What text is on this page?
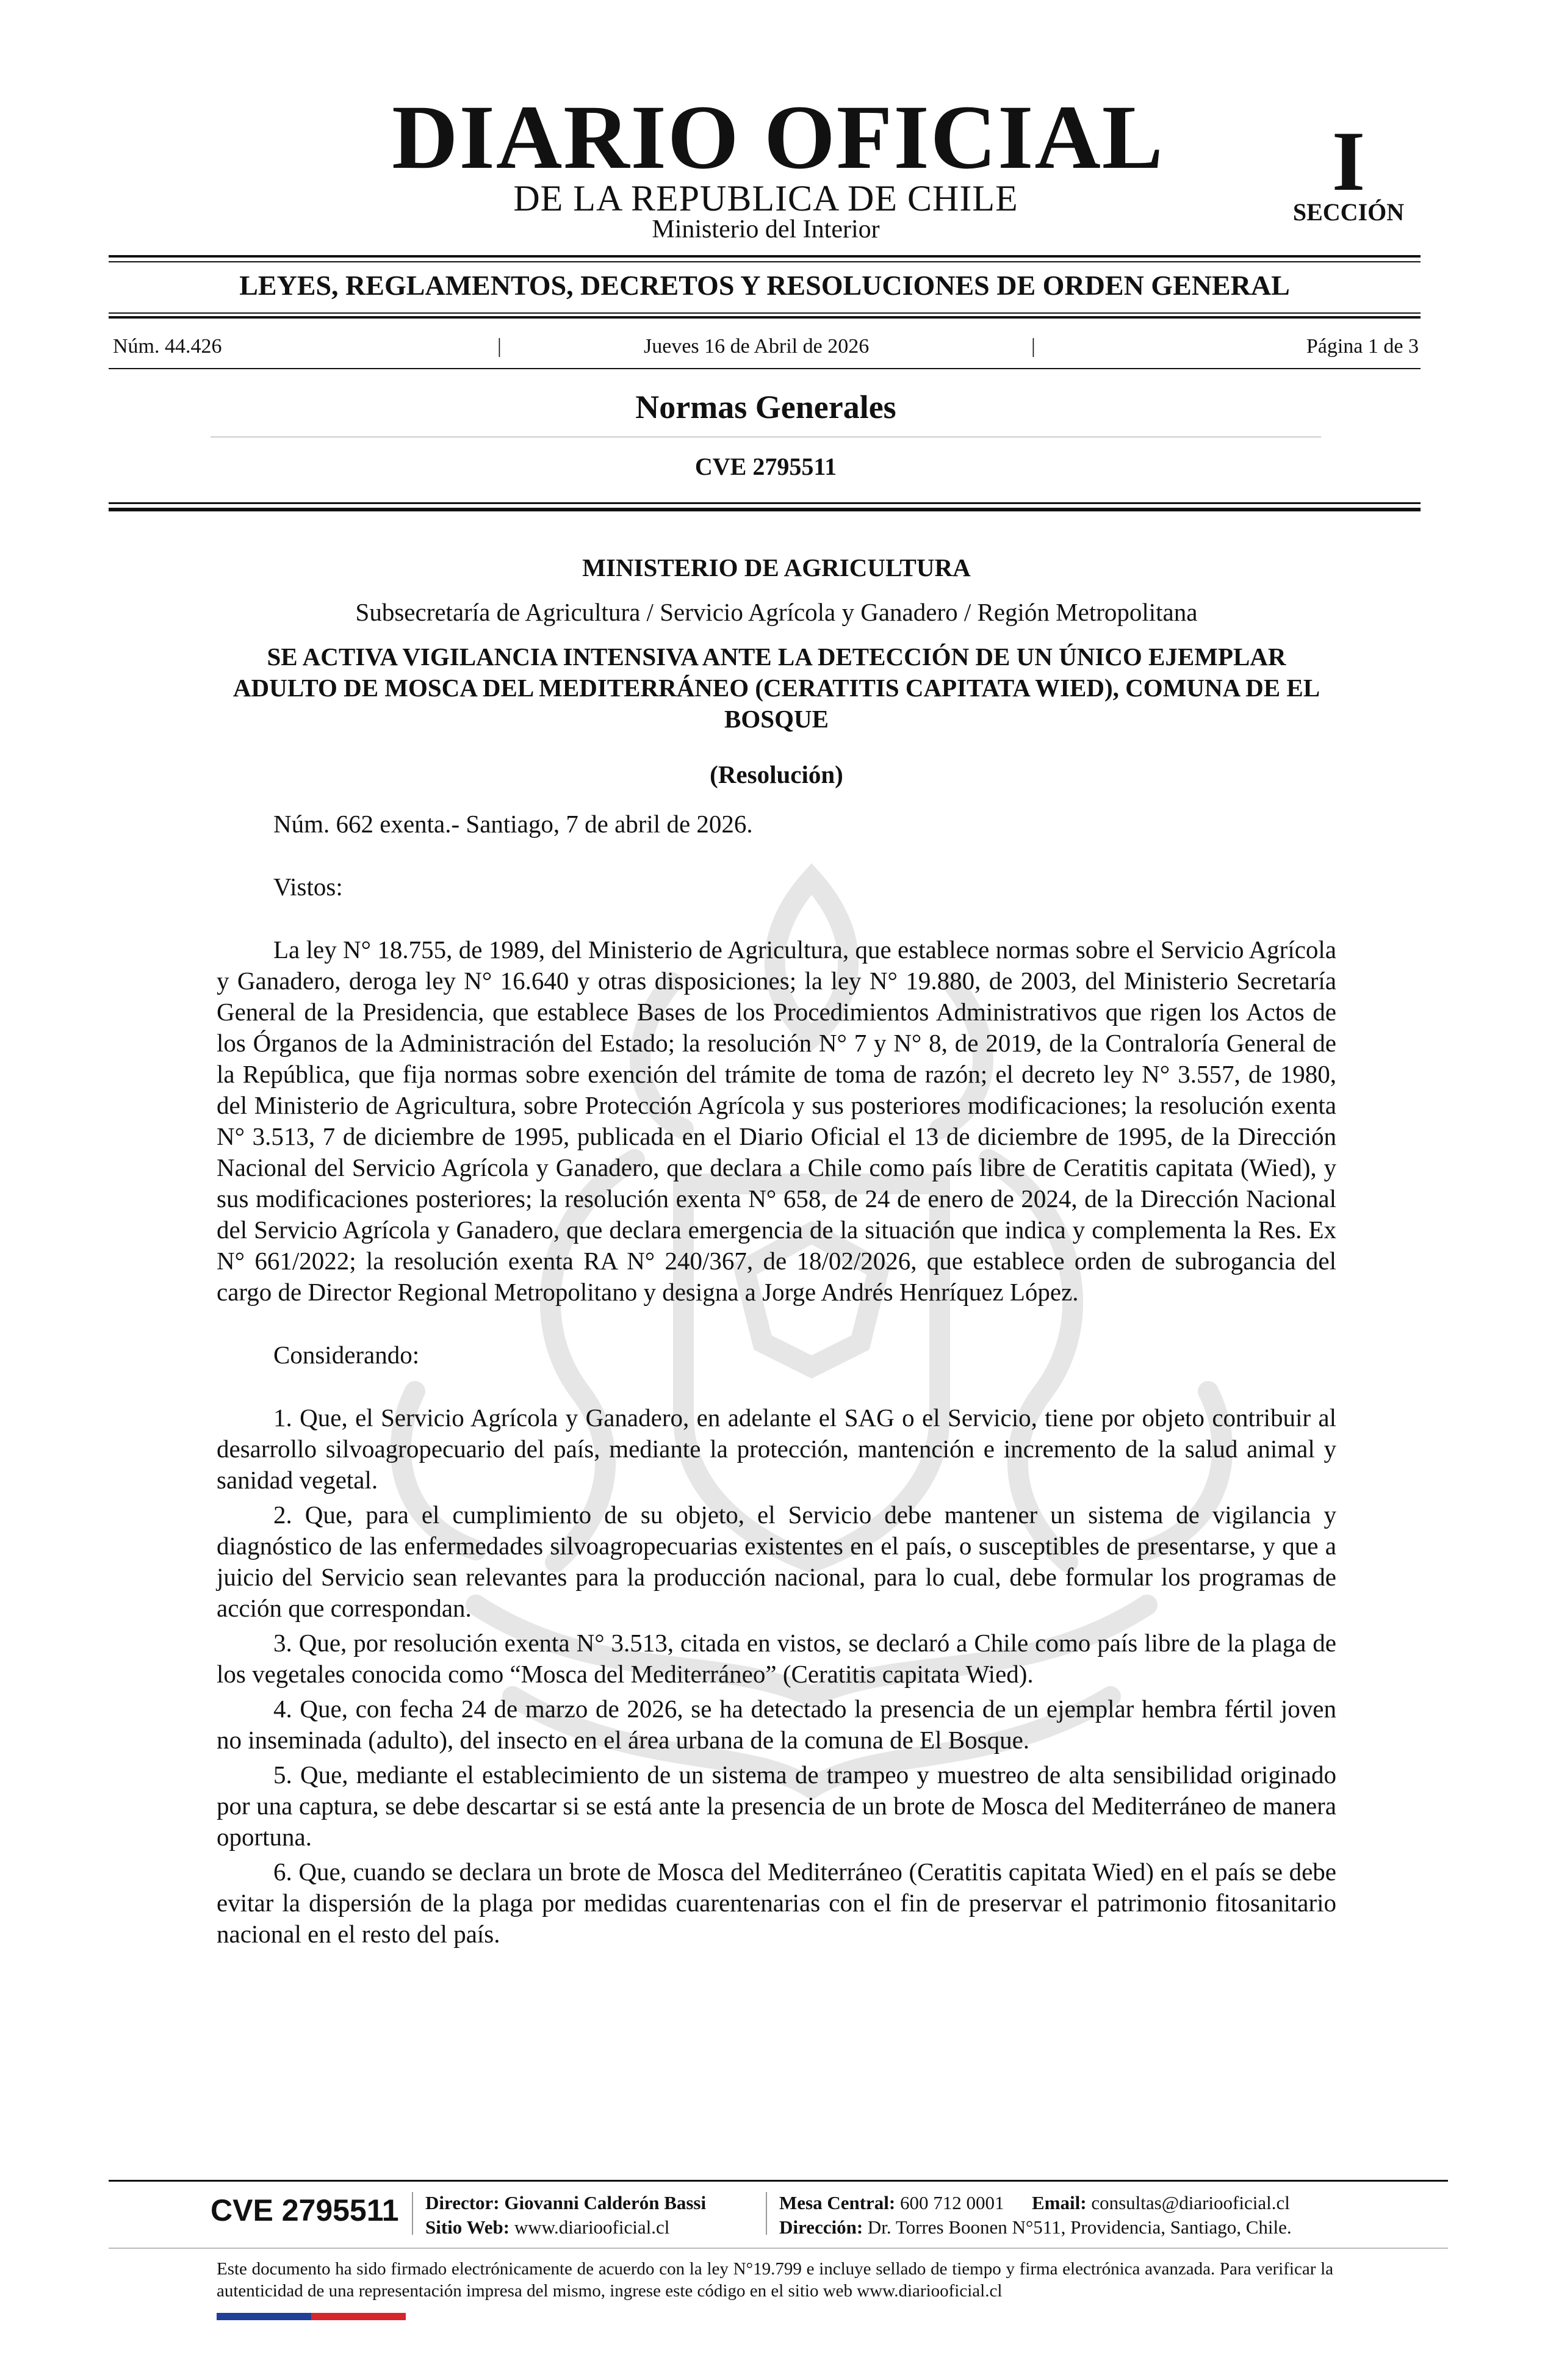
DIARIO OFICIAL
DE LA REPUBLICA DE CHILE
Ministerio del Interior
I
SECCIÓN
LEYES, REGLAMENTOS, DECRETOS Y RESOLUCIONES DE ORDEN GENERAL
Núm. 44.426	|	Jueves 16 de Abril de 2026	|	Página 1 de 3
Normas Generales
CVE 2795511

MINISTERIO DE AGRICULTURA

Subsecretaría de Agricultura / Servicio Agrícola y Ganadero / Región Metropolitana

SE ACTIVA VIGILANCIA INTENSIVA ANTE LA DETECCIÓN DE UN ÚNICO EJEMPLAR ADULTO DE MOSCA DEL MEDITERRÁNEO (CERATITIS CAPITATA WIED), COMUNA DE EL BOSQUE

(Resolución)

Núm. 662 exenta.- Santiago, 7 de abril de 2026.

Vistos:

La ley N° 18.755, de 1989, del Ministerio de Agricultura, que establece normas sobre el Servicio Agrícola y Ganadero, deroga ley N° 16.640 y otras disposiciones; la ley N° 19.880, de 2003, del Ministerio Secretaría General de la Presidencia, que establece Bases de los Procedimientos Administrativos que rigen los Actos de los Órganos de la Administración del Estado; la resolución N° 7 y N° 8, de 2019, de la Contraloría General de la República, que fija normas sobre exención del trámite de toma de razón; el decreto ley N° 3.557, de 1980, del Ministerio de Agricultura, sobre Protección Agrícola y sus posteriores modificaciones; la resolución exenta N° 3.513, 7 de diciembre de 1995, publicada en el Diario Oficial el 13 de diciembre de 1995, de la Dirección Nacional del Servicio Agrícola y Ganadero, que declara a Chile como país libre de Ceratitis capitata (Wied), y sus modificaciones posteriores; la resolución exenta N° 658, de 24 de enero de 2024, de la Dirección Nacional del Servicio Agrícola y Ganadero, que declara emergencia de la situación que indica y complementa la Res. Ex N° 661/2022; la resolución exenta RA N° 240/367, de 18/02/2026, que establece orden de subrogancia del cargo de Director Regional Metropolitano y designa a Jorge Andrés Henríquez López.

Considerando:

1. Que, el Servicio Agrícola y Ganadero, en adelante el SAG o el Servicio, tiene por objeto contribuir al desarrollo silvoagropecuario del país, mediante la protección, mantención e incremento de la salud animal y sanidad vegetal.

2. Que, para el cumplimiento de su objeto, el Servicio debe mantener un sistema de vigilancia y diagnóstico de las enfermedades silvoagropecuarias existentes en el país, o susceptibles de presentarse, y que a juicio del Servicio sean relevantes para la producción nacional, para lo cual, debe formular los programas de acción que correspondan.

3. Que, por resolución exenta N° 3.513, citada en vistos, se declaró a Chile como país libre de la plaga de los vegetales conocida como “Mosca del Mediterráneo” (Ceratitis capitata Wied).

4. Que, con fecha 24 de marzo de 2026, se ha detectado la presencia de un ejemplar hembra fértil joven no inseminada (adulto), del insecto en el área urbana de la comuna de El Bosque.

5. Que, mediante el establecimiento de un sistema de trampeo y muestreo de alta sensibilidad originado por una captura, se debe descartar si se está ante la presencia de un brote de Mosca del Mediterráneo de manera oportuna.

6. Que, cuando se declara un brote de Mosca del Mediterráneo (Ceratitis capitata Wied) en el país se debe evitar la dispersión de la plaga por medidas cuarentenarias con el fin de preservar el patrimonio fitosanitario nacional en el resto del país.

CVE 2795511 Director: Giovanni Calderón Bassi
Sitio Web: www.diariooficial.cl
Mesa Central: 600 712 0001 Email: consultas@diariooficial.cl
Dirección: Dr. Torres Boonen N°511, Providencia, Santiago, Chile.
Este documento ha sido firmado electrónicamente de acuerdo con la ley N°19.799 e incluye sellado de tiempo y firma electrónica avanzada. Para verificar la autenticidad de una representación impresa del mismo, ingrese este código en el sitio web www.diariooficial.cl
